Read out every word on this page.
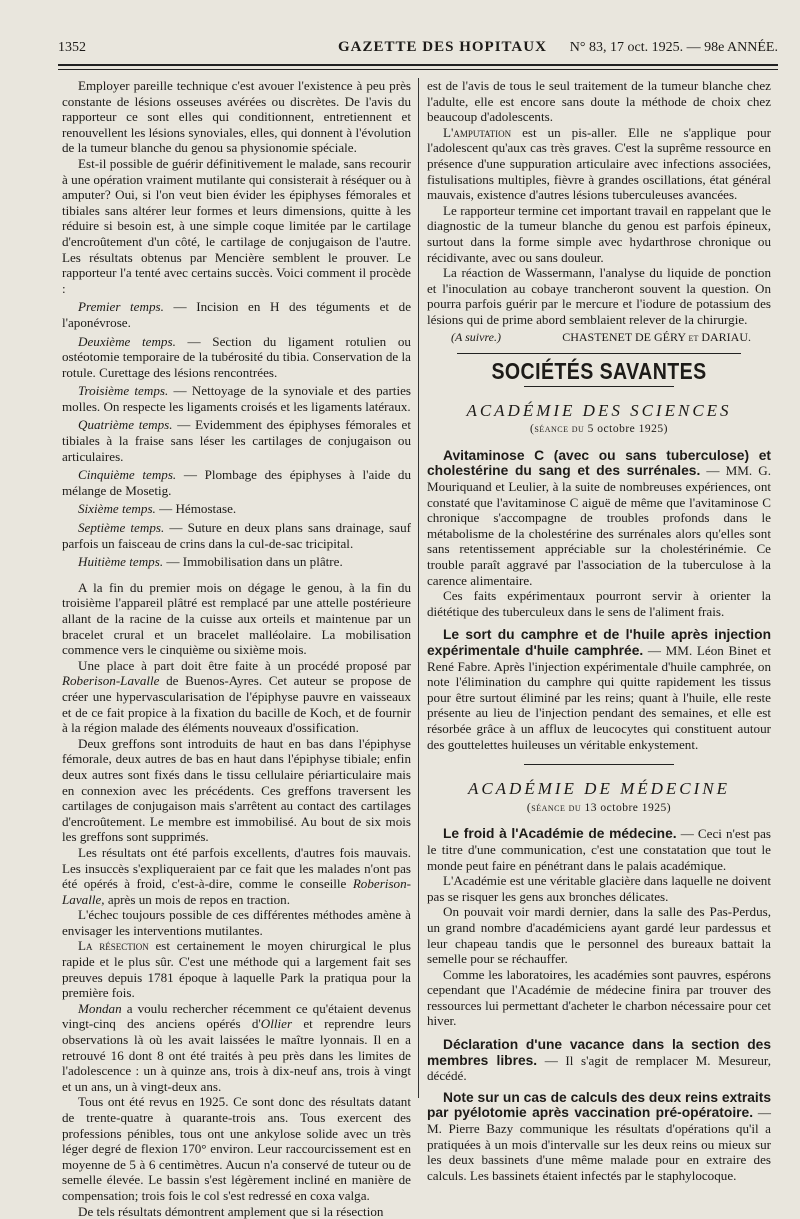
1352	GAZETTE DES HOPITAUX N° 83, 17 oct. 1925. — 98e ANNÉE.

Employer pareille technique c'est avouer l'existence à peu près constante de lésions osseuses avérées ou discrètes. De l'avis du rapporteur ce sont elles qui conditionnent, entretiennent et renouvellent les lésions synoviales, elles, qui donnent à l'évolution de la tumeur blanche du genou sa physionomie spéciale.

Est-il possible de guérir définitivement le malade, sans recourir à une opération vraiment mutilante qui consisterait à réséquer ou à amputer? Oui, si l'on veut bien évider les épiphyses fémorales et tibiales sans altérer leur formes et leurs dimensions, quitte à les réduire si besoin est, à une simple coque limitée par le cartilage d'encroûtement d'un côté, le cartilage de conjugaison de l'autre. Les résultats obtenus par Mencière semblent le prouver. Le rapporteur l'a tenté avec certains succès. Voici comment il procède :

Premier temps. — Incision en H des téguments et de l'aponévrose.

Deuxième temps. — Section du ligament rotulien ou ostéotomie temporaire de la tubérosité du tibia. Conservation de la rotule. Curettage des lésions rencontrées.

Troisième temps. — Nettoyage de la synoviale et des parties molles. On respecte les ligaments croisés et les ligaments latéraux.

Quatrième temps. — Evidemment des épiphyses fémorales et tibiales à la fraise sans léser les cartilages de conjugaison ou articulaires.

Cinquième temps. — Plombage des épiphyses à l'aide du mélange de Mosetig.

Sixième temps. — Hémostase.

Septième temps. — Suture en deux plans sans drainage, sauf parfois un faisceau de crins dans la cul-de-sac tricipital.

Huitième temps. — Immobilisation dans un plâtre.

A la fin du premier mois on dégage le genou, à la fin du troisième l'appareil plâtré est remplacé par une attelle postérieure allant de la racine de la cuisse aux orteils et maintenue par un bracelet crural et un bracelet malléolaire. La mobilisation commence vers le cinquième ou sixième mois.

Une place à part doit être faite à un procédé proposé par Roberison-Lavalle de Buenos-Ayres. Cet auteur se propose de créer une hypervascularisation de l'épiphyse pauvre en vaisseaux et de ce fait propice à la fixation du bacille de Koch, et de fournir à la région malade des éléments nouveaux d'ossification.

Deux greffons sont introduits de haut en bas dans l'épiphyse fémorale, deux autres de bas en haut dans l'épiphyse tibiale; enfin deux autres sont fixés dans le tissu cellulaire périarticulaire mais en connexion avec les précédents. Ces greffons traversent les cartilages de conjugaison mais s'arrêtent au contact des cartilages d'encroûtement. Le membre est immobilisé. Au bout de six mois les greffons sont supprimés.

Les résultats ont été parfois excellents, d'autres fois mauvais. Les insuccès s'expliqueraient par ce fait que les malades n'ont pas été opérés à froid, c'est-à-dire, comme le conseille Roberison-Lavalle, après un mois de repos en traction.

L'échec toujours possible de ces différentes méthodes amène à envisager les interventions mutilantes.

La résection est certainement le moyen chirurgical le plus rapide et le plus sûr. C'est une méthode qui a largement fait ses preuves depuis 1781 époque à laquelle Park la pratiqua pour la première fois.

Mondan a voulu rechercher récemment ce qu'étaient devenus vingt-cinq des anciens opérés d'Ollier et reprendre leurs observations là où les avait laissées le maître lyonnais. Il en a retrouvé 16 dont 8 ont été traités à peu près dans les limites de l'adolescence : un à quinze ans, trois à dix-neuf ans, trois à vingt et un ans, un à vingt-deux ans.

Tous ont été revus en 1925. Ce sont donc des résultats datant de trente-quatre à quarante-trois ans. Tous exercent des professions pénibles, tous ont une ankylose solide avec un très léger degré de flexion 170° environ. Leur raccourcissement est en moyenne de 5 à 6 centimètres. Aucun n'a conservé de tuteur ou de semelle élevée. Le bassin s'est légèrement incliné en manière de compensation; trois fois le col s'est redressé en coxa valga.

De tels résultats démontrent amplement que si la résection

est de l'avis de tous le seul traitement de la tumeur blanche chez l'adulte, elle est encore sans doute la méthode de choix chez beaucoup d'adolescents.

L'amputation est un pis-aller. Elle ne s'applique pour l'adolescent qu'aux cas très graves. C'est la suprême ressource en présence d'une suppuration articulaire avec infections associées, fistulisations multiples, fièvre à grandes oscillations, état général mauvais, existence d'autres lésions tuberculeuses avancées.

Le rapporteur termine cet important travail en rappelant que le diagnostic de la tumeur blanche du genou est parfois épineux, surtout dans la forme simple avec hydarthrose chronique ou récidivante, avec ou sans douleur.

La réaction de Wassermann, l'analyse du liquide de ponction et l'inoculation au cobaye trancheront souvent la question. On pourra parfois guérir par le mercure et l'iodure de potassium des lésions qui de prime abord semblaient relever de la chirurgie.

(A suivre.)	CHASTENET DE GÉRY et DARIAU.
SOCIÉTÉS SAVANTES
ACADÉMIE DES SCIENCES
(séance du 5 octobre 1925)

Avitaminose C (avec ou sans tuberculose) et cholestérine du sang et des surrénales. — MM. G. Mouriquand et Leulier, à la suite de nombreuses expériences, ont constaté que l'avitaminose C aiguë de même que l'avitaminose C chronique s'accompagne de troubles profonds dans le métabolisme de la cholestérine des surrénales alors qu'elles sont sans retentissement appréciable sur la cholestérinémie. Ce trouble paraît aggravé par l'association de la tuberculose à la carence alimentaire.

Ces faits expérimentaux pourront servir à orienter la diététique des tuberculeux dans le sens de l'aliment frais.

Le sort du camphre et de l'huile après injection expérimentale d'huile camphrée. — MM. Léon Binet et René Fabre. Après l'injection expérimentale d'huile camphrée, on note l'élimination du camphre qui quitte rapidement les tissus pour être surtout éliminé par les reins; quant à l'huile, elle reste présente au lieu de l'injection pendant des semaines, et elle est résorbée grâce à un afflux de leucocytes qui constituent autour des gouttelettes huileuses un véritable enkystement.

ACADÉMIE DE MÉDECINE
(séance du 13 octobre 1925)

Le froid à l'Académie de médecine. — Ceci n'est pas le titre d'une communication, c'est une constatation que tout le monde peut faire en pénétrant dans le palais académique.

L'Académie est une véritable glacière dans laquelle ne doivent pas se risquer les gens aux bronches délicates.

On pouvait voir mardi dernier, dans la salle des Pas-Perdus, un grand nombre d'académiciens ayant gardé leur pardessus et leur chapeau tandis que le personnel des bureaux battait la semelle pour se réchauffer.

Comme les laboratoires, les académies sont pauvres, espérons cependant que l'Académie de médecine finira par trouver des ressources lui permettant d'acheter le charbon nécessaire pour cet hiver.

Déclaration d'une vacance dans la section des membres libres. — Il s'agit de remplacer M. Mesureur, décédé.

Note sur un cas de calculs des deux reins extraits par pyélotomie après vaccination pré-opératoire. — M. Pierre Bazy communique les résultats d'opérations qu'il a pratiquées à un mois d'intervalle sur les deux reins ou mieux sur les deux bassinets d'une même malade pour en extraire des calculs. Les bassinets étaient infectés par le staphylocoque.
